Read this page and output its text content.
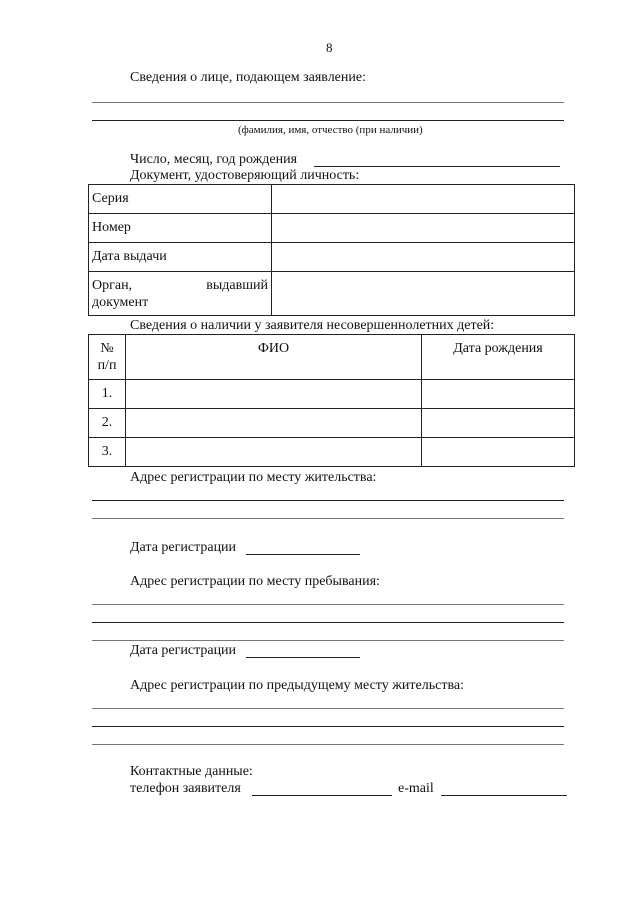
8
Сведения о лице, подающем заявление:
(фамилия, имя, отчество (при наличии)
Число, месяц, год рождения
Документ, удостоверяющий личность:
Серия	
Номер	
Дата выдачи	

Орган, выдавший
документ	

Сведения о наличии у заявителя несовершеннолетних детей:
№
п/п	ФИО	Дата рождения
1.		
2.		
3.		
Адрес регистрации по месту жительства:
Дата регистрации
Адрес регистрации по месту пребывания:
Дата регистрации
Адрес регистрации по предыдущему месту жительства:
Контактные данные:
телефон заявителя	e-mail
